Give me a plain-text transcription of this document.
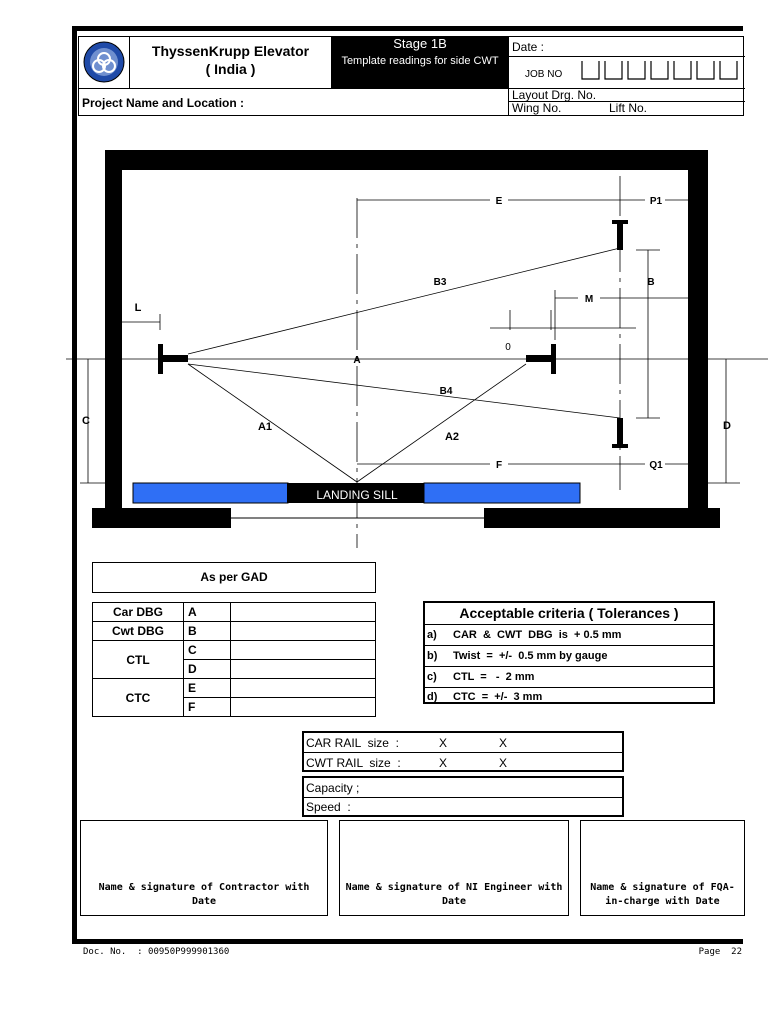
ThyssenKrupp Elevator
( India )
Stage 1B
Template readings for side CWT
Date :
JOB NO
Project Name and Location :
Layout Drg. No.
Wing No.	Lift No.
LANDING SILL
E	P1
B3	B
M
L
0
A
B4
C	D
A1
A2
F	Q1
As per GAD
Car DBG	A	
Cwt DBG	B	
CTL	C	
	D	
CTC	E	
	F	
Acceptable criteria ( Tolerances )
a) CAR  &  CWT  DBG  is  + 0.5 mm
b) Twist  =  +/-  0.5 mm by gauge
c) CTL  =   -  2 mm
d) CTC  =  +/-  3 mm
CAR RAIL  size  :	X	X
CWT RAIL  size  :	X	X
Capacity ;
Speed  :
Name & signature of Contractor with Date
Name & signature of NI Engineer with Date
Name & signature of FQA-in-charge with Date
Doc. No.  : 00950P999901360	Page  22
